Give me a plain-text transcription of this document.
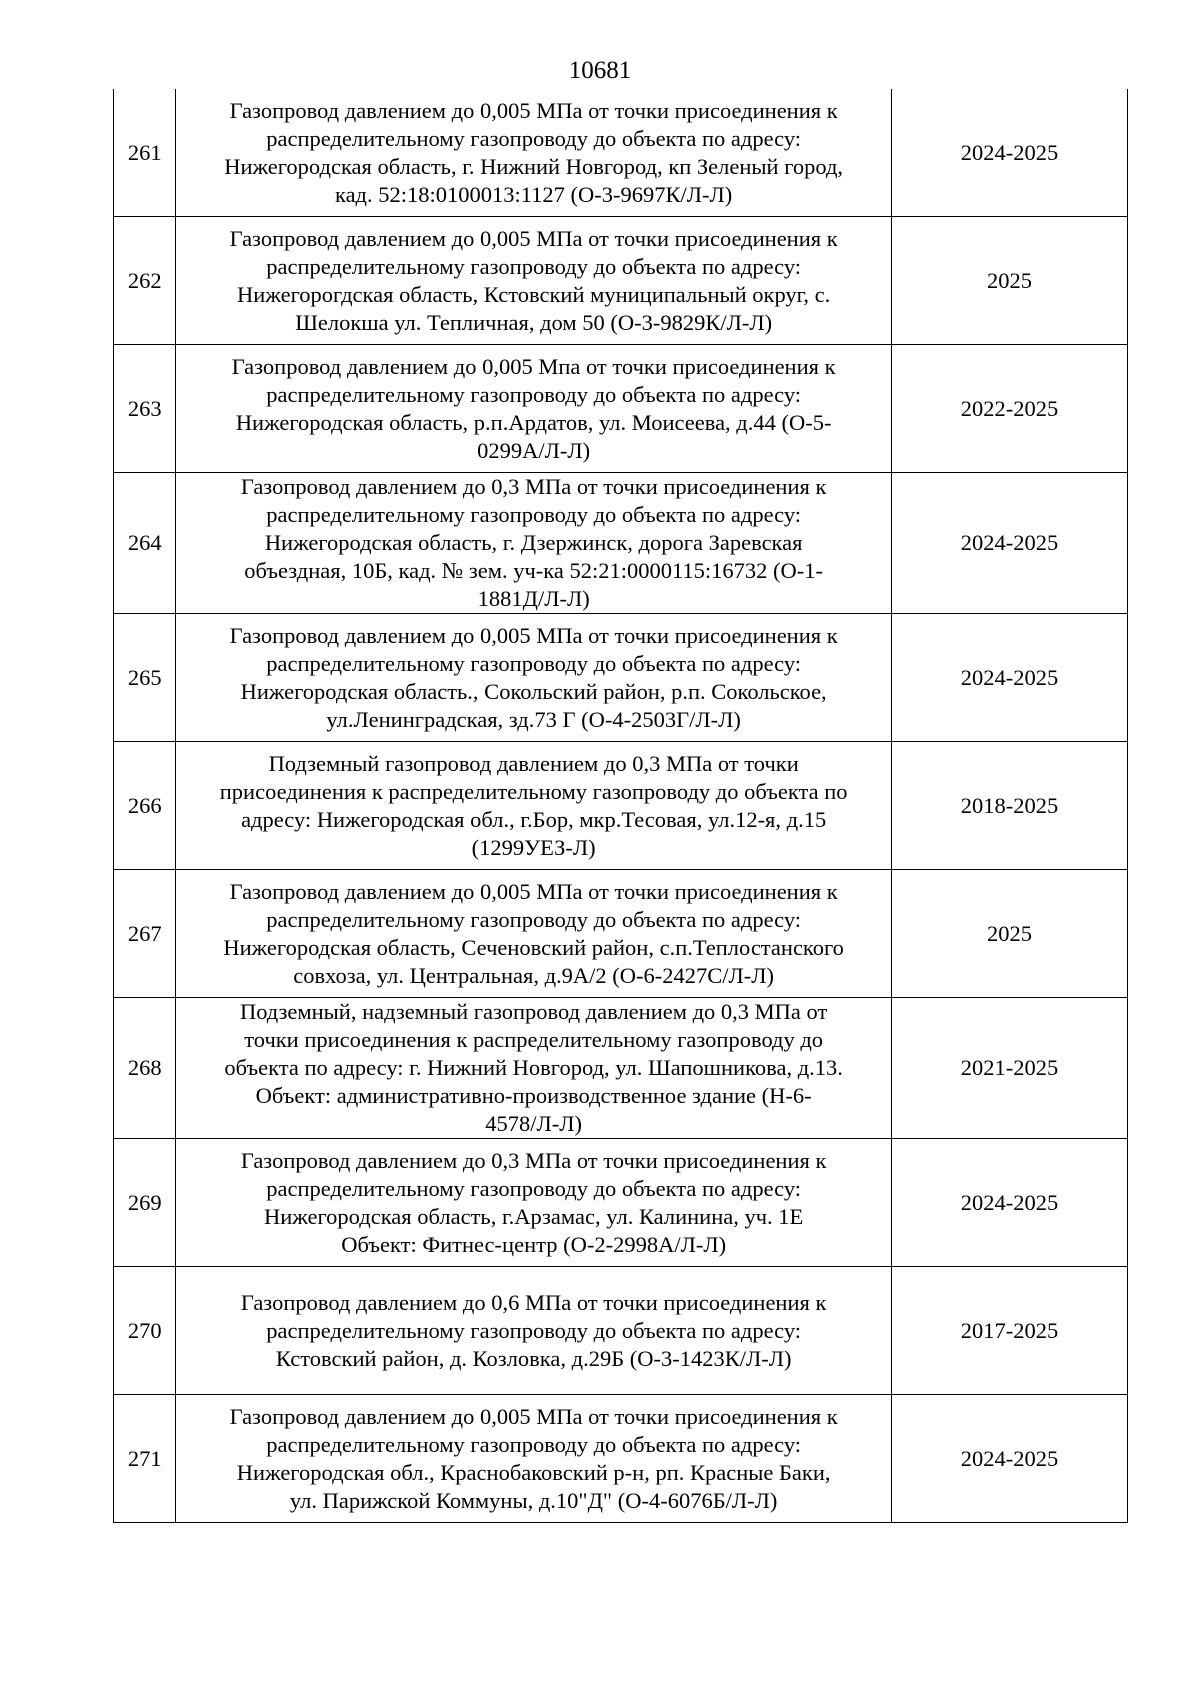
10681
261	Газопровод давлением до 0,005 МПа от точки присоединения к
распределительному газопроводу до объекта по адресу:
Нижегородская область, г. Нижний Новгород, кп Зеленый город,
кад. 52:18:0100013:1127 (О-3-9697К/Л-Л)	2024-2025
262	Газопровод давлением до 0,005 МПа от точки присоединения к
распределительному газопроводу до объекта по адресу:
Нижегорогдская область, Кстовский муниципальный округ, с.
Шелокша ул. Тепличная, дом 50 (О-3-9829К/Л-Л)	2025
263	Газопровод давлением до 0,005 Мпа от точки присоединения к
распределительному газопроводу до объекта по адресу:
Нижегородская область, р.п.Ардатов, ул. Моисеева, д.44 (О-5-
0299А/Л-Л)	2022-2025
264	Газопровод давлением до 0,3 МПа от точки присоединения к
распределительному газопроводу до объекта по адресу:
Нижегородская область, г. Дзержинск, дорога Заревская
объездная, 10Б, кад. № зем. уч-ка 52:21:0000115:16732 (О-1-
1881Д/Л-Л)	2024-2025
265	Газопровод давлением до 0,005 МПа от точки присоединения к
распределительному газопроводу до объекта по адресу:
Нижегородская область., Сокольский район, р.п. Сокольское,
ул.Ленинградская, зд.73 Г (О-4-2503Г/Л-Л)	2024-2025
266	Подземный газопровод давлением до 0,3 МПа от точки
присоединения к распределительному газопроводу до объекта по
адресу: Нижегородская обл., г.Бор, мкр.Тесовая, ул.12-я, д.15
(1299УЕЗ-Л)	2018-2025
267	Газопровод давлением до 0,005 МПа от точки присоединения к
распределительному газопроводу до объекта по адресу:
Нижегородская область, Сеченовский район, с.п.Теплостанского
совхоза, ул. Центральная, д.9А/2 (О-6-2427С/Л-Л)	2025
268	Подземный, надземный газопровод давлением до 0,3 МПа от
точки присоединения к распределительному газопроводу до
объекта по адресу: г. Нижний Новгород, ул. Шапошникова, д.13.
Объект: административно-производственное здание (Н-6-
4578/Л-Л)	2021-2025
269	Газопровод давлением до 0,3 МПа от точки присоединения к
распределительному газопроводу до объекта по адресу:
Нижегородская область, г.Арзамас, ул. Калинина, уч. 1Е
Объект: Фитнес-центр (О-2-2998А/Л-Л)	2024-2025
270	Газопровод давлением до 0,6 МПа от точки присоединения к
распределительному газопроводу до объекта по адресу:
Кстовский район, д. Козловка, д.29Б (О-3-1423К/Л-Л)	2017-2025
271	Газопровод давлением до 0,005 МПа от точки присоединения к
распределительному газопроводу до объекта по адресу:
Нижегородская обл., Краснобаковский р-н, рп. Красные Баки,
ул. Парижской Коммуны, д.10"Д" (О-4-6076Б/Л-Л)	2024-2025
